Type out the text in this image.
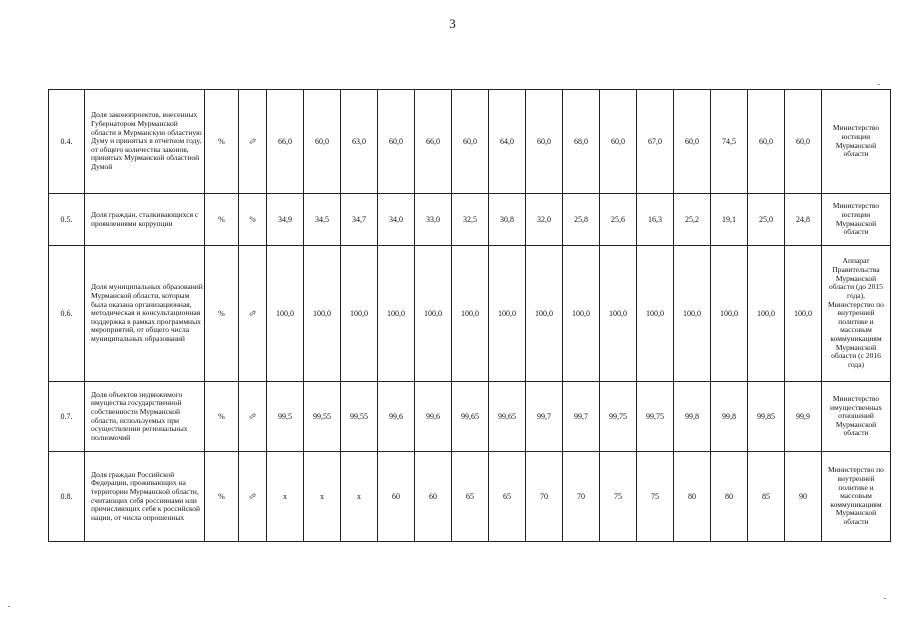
3
0.4.	Доля законопроектов, внесенных Губернатором Мурманской области в Мурманскую областную Думу и принятых в отчетном году, от общего количества законов, принятых Мурманской областной Думой	%	⇨	66,0	60,0	63,0	60,0	66,0	60,0	64,0	60,0	68,0	60,0	67,0	60,0	74,5	60,0	60,0	Министерство юстиции Мурманской области
0.5.	Доля граждан, сталкивающихся с проявлениями коррупции	%	⇨	34,9	34,5	34,7	34,0	33,0	32,5	30,8	32,0	25,8	25,6	16,3	25,2	19,1	25,0	24,8	Министерство юстиции Мурманской области
0.6.	Доля муниципальных образований Мурманской области, которым была оказана организационная, методическая и консультационная поддержка в рамках программных мероприятий, от общего числа муниципальных образований	%	⇨	100,0	100,0	100,0	100,0	100,0	100,0	100,0	100,0	100,0	100,0	100,0	100,0	100,0	100,0	100,0	Аппарат Правительства Мурманской области (до 2015 года), Министерство по внутренней политике и массовым коммуникациям Мурманской области (с 2016 года)
0.7.	Доля объектов недвижимого имущества государственной собственности Мурманской области, используемых при осуществлении региональных полномочий	%	⇨	99,5	99,55	99,55	99,6	99,6	99,65	99,65	99,7	99,7	99,75	99,75	99,8	99,8	99,85	99,9	Министерство имущественных отношений Мурманской области
0.8.	Доля граждан Российской Федерации, проживающих на территории Мурманской области, считающих себя россиянами или причисляющих себя к российской нации, от числа опрошенных	%	⇨	х	х	х	60	60	65	65	70	70	75	75	80	80	85	90	Министерство по внутренней политике и массовым коммуникациям Мурманской области
